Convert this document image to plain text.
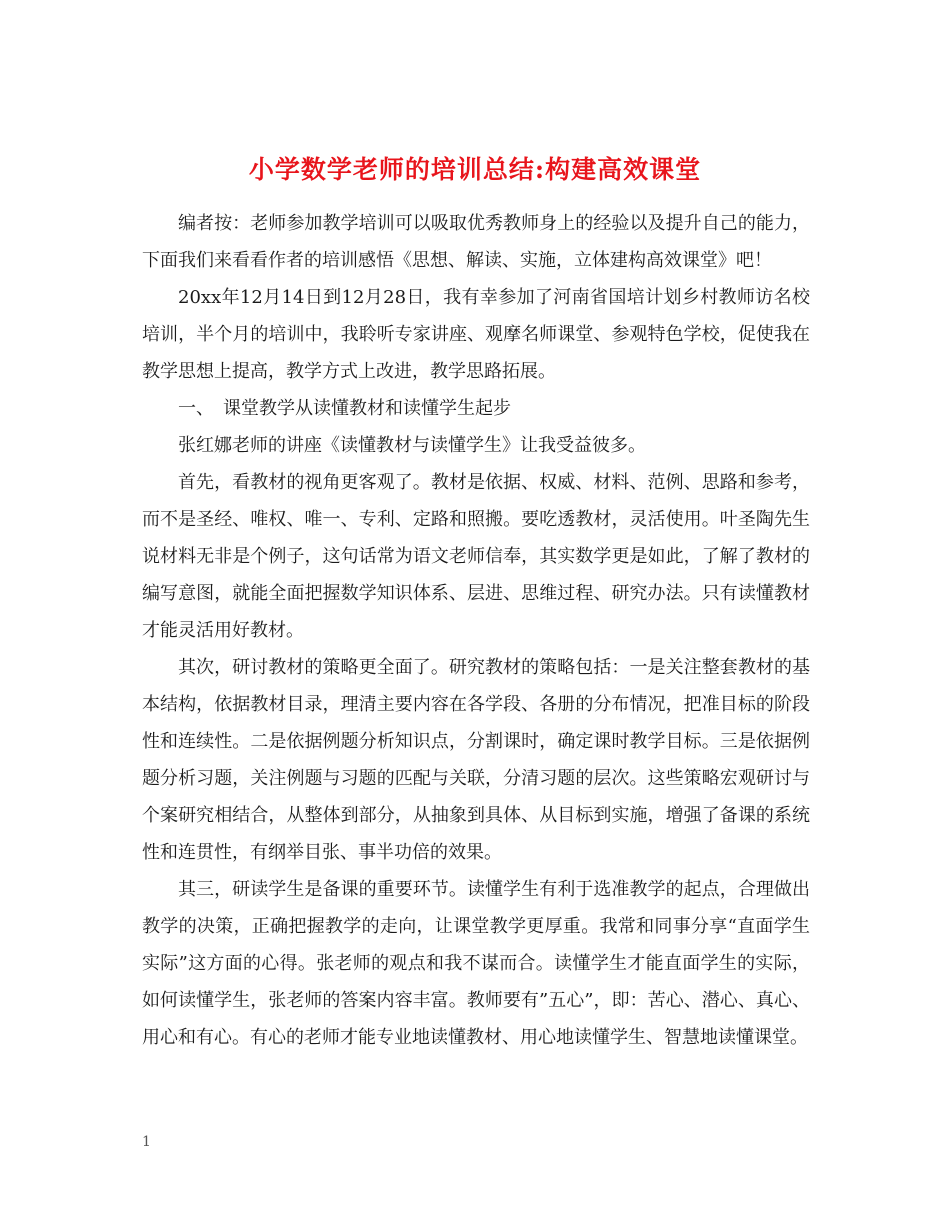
小学数学老师的培训总结:构建高效课堂

编者按：老师参加教学培训可以吸取优秀教师身上的经验以及提升自己的能力，下面我们来看看作者的培训感悟《思想、解读、实施，立体建构高效课堂》吧！

20xx年12月14日到12月28日，我有幸参加了河南省国培计划乡村教师访名校培训，半个月的培训中，我聆听专家讲座、观摩名师课堂、参观特色学校，促使我在教学思想上提高，教学方式上改进，教学思路拓展。

一、　课堂教学从读懂教材和读懂学生起步

张红娜老师的讲座《读懂教材与读懂学生》让我受益彼多。

首先，看教材的视角更客观了。教材是依据、权威、材料、范例、思路和参考，而不是圣经、唯权、唯一、专利、定路和照搬。要吃透教材，灵活使用。叶圣陶先生说材料无非是个例子，这句话常为语文老师信奉，其实数学更是如此，了解了教材的编写意图，就能全面把握数学知识体系、层进、思维过程、研究办法。只有读懂教材才能灵活用好教材。

其次，研讨教材的策略更全面了。研究教材的策略包括：一是关注整套教材的基本结构，依据教材目录，理清主要内容在各学段、各册的分布情况，把准目标的阶段性和连续性。二是依据例题分析知识点，分割课时，确定课时教学目标。三是依据例题分析习题，关注例题与习题的匹配与关联，分清习题的层次。这些策略宏观研讨与个案研究相结合，从整体到部分，从抽象到具体、从目标到实施，增强了备课的系统性和连贯性，有纲举目张、事半功倍的效果。

其三，研读学生是备课的重要环节。读懂学生有利于选准教学的起点，合理做出教学的决策，正确把握教学的走向，让课堂教学更厚重。我常和同事分享“直面学生实际”这方面的心得。张老师的观点和我不谋而合。读懂学生才能直面学生的实际，如何读懂学生，张老师的答案内容丰富。教师要有”五心”，即：苦心、潜心、真心、用心和有心。有心的老师才能专业地读懂教材、用心地读懂学生、智慧地读懂课堂。

1
